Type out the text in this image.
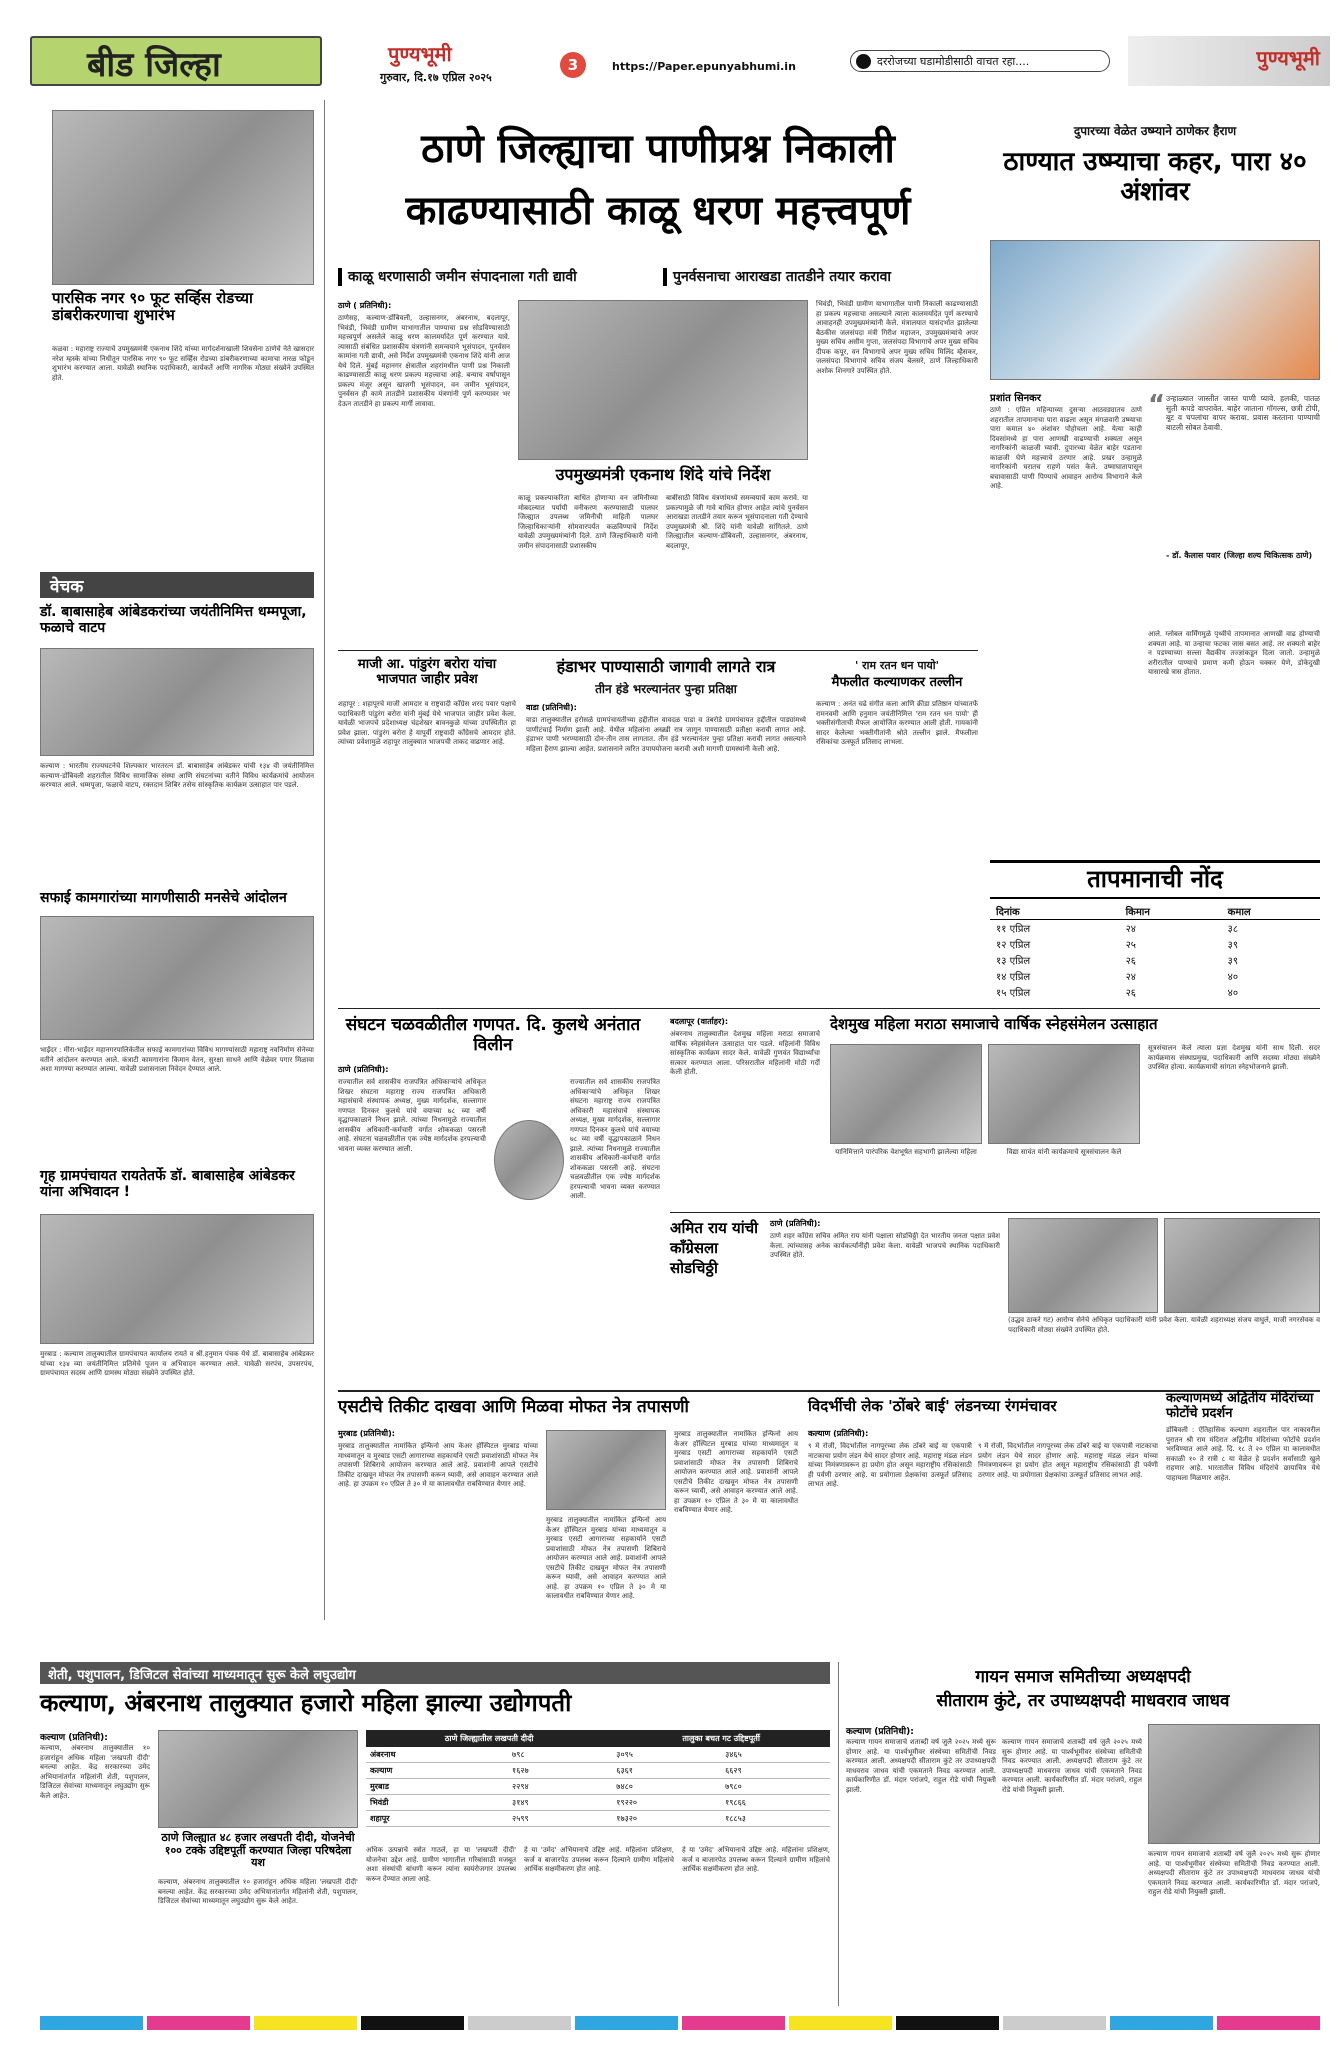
बीड जिल्हा	पुण्यभूमी
गुरुवार, दि.१७ एप्रिल २०२५
3	https://Paper.epunyabhumi.in	दररोजच्या घडामोडीसाठी वाचत रहा....	पुण्यभूमी
पारसिक नगर ९० फूट सर्व्हिस रोडच्या डांबरीकरणाचा शुभारंभ
कळवा : महाराष्ट्र राज्याचे उपमुख्यमंत्री एकनाथ शिंदे यांच्या मार्गदर्शनाखाली शिवसेना ठाणेचे नेते खासदार नरेश म्हस्के यांच्या निधीतून पारसिक नगर ९० फूट सर्व्हिस रोडच्या डांबरीकरणाच्या कामाचा नारळ फोडून शुभारंभ करण्यात आला. यावेळी स्थानिक पदाधिकारी, कार्यकर्ते आणि नागरिक मोठ्या संख्येने उपस्थित होते.
वेचक
डॉ. बाबासाहेब आंबेडकरांच्या जयंतीनिमित्त धम्मपूजा, फळाचे वाटप
कल्याण : भारतीय राज्यघटनेचे शिल्पकार भारतरत्न डॉ. बाबासाहेब आंबेडकर यांची १३४ वी जयंतीनिमित्त कल्याण-डोंबिवली शहरातील विविध सामाजिक संस्था आणि संघटनांच्या वतीने विविध कार्यक्रमांचे आयोजन करण्यात आले. धम्मपूजा, फळाचे वाटप, रक्तदान शिबिर तसेच सांस्कृतिक कार्यक्रम उत्साहात पार पडले.
सफाई कामगारांच्या मागणीसाठी मनसेचे आंदोलन
भाईंदर : मीरा-भाईंदर महानगरपालिकेतील सफाई कामगारांच्या विविध मागण्यांसाठी महाराष्ट्र नवनिर्माण सेनेच्या वतीने आंदोलन करण्यात आले. कंत्राटी कामगारांना किमान वेतन, सुरक्षा साधने आणि वेळेवर पगार मिळावा अशा मागण्या करण्यात आल्या. यावेळी प्रशासनाला निवेदन देण्यात आले.
गृह ग्रामपंचायत रायतेतर्फे डॉ. बाबासाहेब आंबेडकर यांना अभिवादन !
मुरबाड : कल्याण तालुक्यातील ग्रामपंचायत कार्यालय रायते व श्री.हनुमान पंचक येथे डॉ. बाबासाहेब आंबेडकर यांच्या १३४ व्या जयंतीनिमित्त प्रतिमेचे पूजन व अभिवादन करण्यात आले. यावेळी सरपंच, उपसरपंच, ग्रामपंचायत सदस्य आणि ग्रामस्थ मोठ्या संख्येने उपस्थित होते.
ठाणे जिल्ह्याचा पाणीप्रश्न निकाली
काढण्यासाठी काळू धरण महत्त्वपूर्ण
काळू धरणासाठी जमीन संपादनाला गती द्यावी	पुनर्वसनाचा आराखडा तातडीने तयार करावा
ठाणे ( प्रतिनिधी):
ठाणेसह, कल्याण-डोंबिवली, उल्हासनगर, अंबरनाथ, बदलापूर, भिवंडी, भिवंडी ग्रामीण याभागातील पाण्याचा प्रश्न सोडविण्यासाठी महत्त्वपूर्ण असलेले काळू धरण कालमर्यादेत पूर्ण करण्यात यावे. त्यासाठी संबंधित प्रशासकीय यंत्रणांनी समन्वयाने भूसंपादन, पुनर्वसन कामांना गती द्यावी, असे निर्देश उपमुख्यमंत्री एकनाथ शिंदे यांनी आज येथे दिले. मुंबई महानगर क्षेत्रातील शहरांमधील पाणी प्रश्न निकाली काढण्यासाठी काळू धरण प्रकल्प महत्त्वाचा आहे. बन्याच वर्षापासून प्रकल्प मंजूर असून खाजगी भूसंपादन, वन जमीन भूसंपादन, पुनर्वसन ही कामे तातडीने प्रशासकीय यंत्रणांनी पूर्ण करण्यावर भर देऊन तातडीने हा प्रकल्प मार्गी लावावा.
उपमुख्यमंत्री एकनाथ शिंदे यांचे निर्देश
काळू प्रकल्पाकरिता बाधित होणाऱ्या वन जमिनीच्या मोबदल्यात पर्यायी वनीकरण करण्यासाठी पालघर जिल्ह्यात उपलब्ध जमिनीची माहिती पालघर जिल्हाधिकाऱ्यांनी सोमवारपर्यंत कळविण्याचे निर्देश यावेळी उपमुख्यमंत्र्यांनी दिले. ठाणे जिल्हाधिकारी यांनी जमीन संपादनासाठी प्रशासकीय
बाबींसाठी विविध यंत्रणांमध्ये समन्वयाचे काम करावे. या प्रकल्पामुळे जी गावे बाधित होणार आहेत त्यांचे पुनर्वसन आराखडा तातडीने तयार करून भूसंपादनाला गती देण्याचे उपमुख्यमंत्री श्री. शिंदे यांनी यावेळी सांगितले. ठाणे जिल्ह्यातील कल्याण-डोंबिवली, उल्हासनगर, अंबरनाथ, बदलापूर,
भिवंडी, भिवंडी ग्रामीण याभागातील पाणी निकाली काढण्यासाठी हा प्रकल्प महत्त्वाचा असल्याने त्याला कालमर्यादेत पूर्ण करण्याचे आवाहनही उपमुख्यमंत्र्यांनी केले. मंत्रालयात यासंदर्भात झालेल्या बैठकीस जलसंपदा मंत्री गिरीश महाजन, उपमुख्यमंत्र्यांचे अपर मुख्य सचिव असीम गुप्ता, जलसंपदा विभागाचे अपर मुख्य सचिव दीपक कपूर, वन विभागाचे अपर मुख्य सचिव मिलिंद म्हैसकर, जलसंपदा विभागाचे सचिव संजय बेलसरे, ठाणे जिल्हाधिकारी अशोक शिनगारे उपस्थित होते.
दुपारच्या वेळेत उष्म्याने ठाणेकर हैराण
ठाण्यात उष्म्याचा कहर, पारा ४० अंशांवर
प्रशांत सिनकर
ठाणे : एप्रिल महिन्याच्या दुसऱ्या आठवड्यातच ठाणे शहरातील तापमानाचा पारा वाढला असून मंगळवारी उष्म्याचा पारा कमाल ४० अंशांवर पोहोचला आहे. येत्या काही दिवसांमध्ये हा पारा आणखी वाढण्याची शक्यता असून नागरिकांनी काळजी घ्यावी. दुपारच्या वेळेत बाहेर पडताना काळजी घेणे महत्त्वाचे ठरणार आहे. प्रखर उन्हामुळे नागरिकांनी घरातच राहणे पसंत केले. उष्माघातापासून बचावासाठी पाणी पिण्याचे आवाहन आरोग्य विभागाने केले आहे.
“ उन्हाळ्यात जास्तीत जास्त पाणी प्यावे. हलकी, पातळ सुती कपडे वापरावेत. बाहेर जाताना गॉगल्स, छत्री टोपी, बूट व चपलांचा वापर करावा. प्रवास करताना पाण्याची बाटली सोबत ठेवावी.
- डॉ. कैलास पवार (जिल्हा शल्य चिकित्सक ठाणे)
आले. ग्लोबल वार्मिंगमुळे पृथ्वीचे तापमानात आणखी वाढ होण्याची शक्यता आहे. या उन्हाचा फटका जास बसत आहे. तर शक्यतो बाहेर न पडण्याच्या सल्ला वैद्यकीय तज्ज्ञांकडून दिला जातो. उन्हामुळे शरीरातील पाण्याचे प्रमाण कमी होऊन चक्कर येणे, डोकेदुखी यासारखे त्रास होतात.
तापमानाची नोंद
दिनांक	किमान	कमाल
११ एप्रिल	२४	३८
१२ एप्रिल	२५	३९
१३ एप्रिल	२६	३९
१४ एप्रिल	२४	४०
१५ एप्रिल	२६	४०
माजी आ. पांडुरंग बरोरा यांचा भाजपात जाहीर प्रवेश
शहापूर : शहापूरचे माजी आमदार व राष्ट्रवादी काँग्रेस शरद पवार पक्षाचे पदाधिकारी पांडुरंग बरोरा यांनी मुंबई येथे भाजपात जाहीर प्रवेश केला. यावेळी भाजपचे प्रदेशाध्यक्ष चंद्रशेखर बावनकुळे यांच्या उपस्थितीत हा प्रवेश झाला. पांडुरंग बरोरा हे यापूर्वी राष्ट्रवादी काँग्रेसचे आमदार होते. त्यांच्या प्रवेशामुळे शहापूर तालुक्यात भाजपची ताकद वाढणार आहे.
हंडाभर पाण्यासाठी जागावी लागते रात्र
तीन हंडे भरल्यानंतर पुन्हा प्रतिक्षा
वाडा (प्रतिनिधी):
वाडा तालुक्यातील हरोसळे ग्रामपंचायतीच्या हद्दीतील वावदळ पाडा व उंबरोडे ग्रामपंचायत हद्दीतील पाड्यांमध्ये पाणीटंचाई निर्माण झाली आहे. येथील महिलांना अख्खी रात्र जागून पाण्यासाठी प्रतीक्षा करावी लागत आहे. हंडाभर पाणी भरण्यासाठी दोन-तीन तास लागतात. तीन हंडे भरल्यानंतर पुन्हा प्रतिक्षा करावी लागत असल्याने महिला हैराण झाल्या आहेत. प्रशासनाने त्वरित उपाययोजना करावी अशी मागणी ग्रामस्थांनी केली आहे.
' राम रतन धन पायो'
मैफलीत कल्याणकर तल्लीन
कल्याण : अनंत चढे संगीत कला आणि क्रीडा प्रतिष्ठान यांच्यातर्फे रामनवमी आणि हनुमान जयंतीनिमित्त 'राम रतन धन पायो' ही भक्तीसंगीताची मैफल आयोजित करण्यात आली होती. गायकांनी सादर केलेल्या भक्तीगीतांनी श्रोते तल्लीन झाले. मैफलीला रसिकांचा उत्स्फूर्त प्रतिसाद लाभला.
संघटन चळवळीतील गणपत. दि. कुलथे अनंतात विलीन
ठाणे (प्रतिनिधी):
राज्यातील सर्व शासकीय राजपत्रित अधिकाऱ्यांचे अधिकृत शिखर संघटना महाराष्ट्र राज्य राजपत्रित अधिकारी महासंघाचे संस्थापक अध्यक्ष, मुख्य मार्गदर्शक, सल्लागार गणपत दिनकर कुलथे यांचे वयाच्या ७८ व्या वर्षी वृद्धापकाळाने निधन झाले. त्यांच्या निधनामुळे राज्यातील शासकीय अधिकारी-कर्मचारी वर्गात शोककळा पसरली आहे. संघटना चळवळीतील एक ज्येष्ठ मार्गदर्शक हरपल्याची भावना व्यक्त करण्यात आली.
राज्यातील सर्व शासकीय राजपत्रित अधिकाऱ्यांचे अधिकृत शिखर संघटना महाराष्ट्र राज्य राजपत्रित अधिकारी महासंघाचे संस्थापक अध्यक्ष, मुख्य मार्गदर्शक, सल्लागार गणपत दिनकर कुलथे यांचे वयाच्या ७८ व्या वर्षी वृद्धापकाळाने निधन झाले. त्यांच्या निधनामुळे राज्यातील शासकीय अधिकारी-कर्मचारी वर्गात शोककळा पसरली आहे. संघटना चळवळीतील एक ज्येष्ठ मार्गदर्शक हरपल्याची भावना व्यक्त करण्यात आली.
बदलापूर (वार्ताहर):
अंबरनाथ तालुक्यातील देशमुख महिला मराठा समाजाचे वार्षिक स्नेहसंमेलन उत्साहात पार पडले. महिलांनी विविध सांस्कृतिक कार्यक्रम सादर केले. यावेळी गुणवंत विद्यार्थ्यांचा सत्कार करण्यात आला. परिसरातील महिलांनी मोठी गर्दी केली होती.
देशमुख महिला मराठा समाजाचे वार्षिक स्नेहसंमेलन उत्साहात
यानिमित्ताने पारंपरिक वेशभूषेत सहभागी झालेल्या महिला	विद्या सावंत यांनी कार्यक्रमाचे सूत्रसंचालन केले
सूत्रसंचालन केले त्याला प्रज्ञा देशमुख यांनी साथ दिली. सदर कार्यक्रमास संस्थाप्रमुख, पदाधिकारी आणि सदस्या मोठ्या संख्येने उपस्थित होत्या. कार्यक्रमाची सांगता स्नेहभोजनाने झाली.
अमित राय यांची काँग्रेसला सोडचिठ्ठी
ठाणे (प्रतिनिधी):
ठाणे शहर काँग्रेस सचिव अमित राय यांनी पक्षाला सोडचिठ्ठी देत भारतीय जनता पक्षात प्रवेश केला. त्यांच्यासह अनेक कार्यकर्त्यांनीही प्रवेश केला. यावेळी भाजपचे स्थानिक पदाधिकारी उपस्थित होते.
(उद्धव ठाकरे गट) आरोग्य सेनेचे अधिकृत पदाधिकारी यांनी प्रवेश केला. यावेळी शहराध्यक्ष संजय वाघुले, माजी नगरसेवक व पदाधिकारी मोठ्या संख्येने उपस्थित होते.
एसटीचे तिकीट दाखवा आणि मिळवा मोफत नेत्र तपासणी
मुरबाड (प्रतिनिधी):
मुरबाड तालुक्यातील नामांकित इन्फिनो आय केअर हॉस्पिटल मुरबाड यांच्या माध्यमातून व मुरबाड एसटी आगाराच्या सहकार्याने एसटी प्रवाशांसाठी मोफत नेत्र तपासणी शिबिराचे आयोजन करण्यात आले आहे. प्रवाशांनी आपले एसटीचे तिकीट दाखवून मोफत नेत्र तपासणी करून घ्यावी, असे आवाहन करण्यात आले आहे. हा उपक्रम १० एप्रिल ते ३० मे या कालावधीत राबविण्यात येणार आहे.
मुरबाड तालुक्यातील नामांकित इन्फिनो आय केअर हॉस्पिटल मुरबाड यांच्या माध्यमातून व मुरबाड एसटी आगाराच्या सहकार्याने एसटी प्रवाशांसाठी मोफत नेत्र तपासणी शिबिराचे आयोजन करण्यात आले आहे. प्रवाशांनी आपले एसटीचे तिकीट दाखवून मोफत नेत्र तपासणी करून घ्यावी, असे आवाहन करण्यात आले आहे. हा उपक्रम १० एप्रिल ते ३० मे या कालावधीत राबविण्यात येणार आहे.
मुरबाड तालुक्यातील नामांकित इन्फिनो आय केअर हॉस्पिटल मुरबाड यांच्या माध्यमातून व मुरबाड एसटी आगाराच्या सहकार्याने एसटी प्रवाशांसाठी मोफत नेत्र तपासणी शिबिराचे आयोजन करण्यात आले आहे. प्रवाशांनी आपले एसटीचे तिकीट दाखवून मोफत नेत्र तपासणी करून घ्यावी, असे आवाहन करण्यात आले आहे. हा उपक्रम १० एप्रिल ते ३० मे या कालावधीत राबविण्यात येणार आहे.
विदर्भीची लेक 'ठोंबरे बाई' लंडनच्या रंगमंचावर
कल्याण (प्रतिनिधी):
९ मे रोजी, विदर्भातील नागपूरच्या लेक ठोंबरे बाई या एकपात्री नाटकाचा प्रयोग लंडन येथे सादर होणार आहे. महाराष्ट्र मंडळ लंडन यांच्या निमंत्रणावरून हा प्रयोग होत असून महाराष्ट्रीय रसिकांसाठी ही पर्वणी ठरणार आहे. या प्रयोगाला प्रेक्षकांचा उत्स्फूर्त प्रतिसाद लाभत आहे.
९ मे रोजी, विदर्भातील नागपूरच्या लेक ठोंबरे बाई या एकपात्री नाटकाचा प्रयोग लंडन येथे सादर होणार आहे. महाराष्ट्र मंडळ लंडन यांच्या निमंत्रणावरून हा प्रयोग होत असून महाराष्ट्रीय रसिकांसाठी ही पर्वणी ठरणार आहे. या प्रयोगाला प्रेक्षकांचा उत्स्फूर्त प्रतिसाद लाभत आहे.
कल्याणमध्ये अद्वितीय मंदिरांच्या फोटोंचे प्रदर्शन
डोंबिवली : ऐतिहासिक कल्याण शहरातील पार नाकावरील पुरातन श्री राम मंदिरात अद्वितीय मंदिरांच्या फोटोंचे प्रदर्शन भरविण्यात आले आहे. दि. १८ ते २० एप्रिल या कालावधीत सकाळी १० ते रात्री ८ या वेळेत हे प्रदर्शन सर्वांसाठी खुले राहणार आहे. भारतातील विविध मंदिरांचे छायाचित्र येथे पाहायला मिळणार आहेत.
शेती, पशुपालन, डिजिटल सेवांच्या माध्यमातून सुरू केले लघुउद्योग
कल्याण, अंबरनाथ तालुक्यात हजारो महिला झाल्या उद्योगपती
कल्याण (प्रतिनिधी):
कल्याण, अंबरनाथ तालुक्यातील १० हजारांहून अधिक महिला 'लखपती दीदी' बनल्या आहेत. केंद्र सरकारच्या उमेद अभियानांतर्गत महिलांनी शेती, पशुपालन, डिजिटल सेवांच्या माध्यमातून लघुउद्योग सुरू केले आहेत.
ठाणे जिल्ह्यात ४८ हजार लखपती दीदी, योजनेची १०० टक्के उद्दिष्टपूर्ती करण्यात जिल्हा परिषदेला यश
कल्याण, अंबरनाथ तालुक्यातील १० हजारांहून अधिक महिला 'लखपती दीदी' बनल्या आहेत. केंद्र सरकारच्या उमेद अभियानांतर्गत महिलांनी शेती, पशुपालन, डिजिटल सेवांच्या माध्यमातून लघुउद्योग सुरू केले आहेत.
ठाणे जिल्ह्यातील लखपती दीदी		तालुका बचत गट उद्दिष्टपूर्ती	
अंबरनाथ	७९८	३०९५	३४६५
कल्याण	१६२७	६३६१	६६२९
मुरबाड	२२९४	७४८०	७९८०
भिवंडी	३१४९	१९२२०	१९८६६
शहापूर	२५९९	१७३२०	१८८५३
अधिक उत्पन्नाचे स्त्रोत गाठले, हा या 'लखपती दीदी' योजनेचा उद्देश आहे. ग्रामीण भागातील गरिबांसाठी मजबूत अशा संस्थांची बांधणी करून त्यांना स्वयंरोजगार उपलब्ध करून देण्यात आला आहे.
हे या 'उमेद' अभियानाचे उद्दिष्ट आहे. महिलांना प्रशिक्षण, कर्ज व बाजारपेठ उपलब्ध करून दिल्याने ग्रामीण महिलांचे आर्थिक सक्षमीकरण होत आहे.
हे या 'उमेद' अभियानाचे उद्दिष्ट आहे. महिलांना प्रशिक्षण, कर्ज व बाजारपेठ उपलब्ध करून दिल्याने ग्रामीण महिलांचे आर्थिक सक्षमीकरण होत आहे.
गायन समाज समितीच्या अध्यक्षपदी
सीताराम कुंटे, तर उपाध्यक्षपदी माधवराव जाधव
कल्याण (प्रतिनिधी):
कल्याण गायन समाजाचे शताब्दी वर्ष जुलै २०२५ मध्ये सुरू होणार आहे. या पार्श्वभूमीवर संस्थेच्या समितीची निवड करण्यात आली. अध्यक्षपदी सीताराम कुंटे तर उपाध्यक्षपदी माधवराव जाधव यांची एकमताने निवड करण्यात आली. कार्यकारिणीत डॉ. मंदार परांजपे, राहुल रोडे यांची नियुक्ती झाली.
कल्याण गायन समाजाचे शताब्दी वर्ष जुलै २०२५ मध्ये सुरू होणार आहे. या पार्श्वभूमीवर संस्थेच्या समितीची निवड करण्यात आली. अध्यक्षपदी सीताराम कुंटे तर उपाध्यक्षपदी माधवराव जाधव यांची एकमताने निवड करण्यात आली. कार्यकारिणीत डॉ. मंदार परांजपे, राहुल रोडे यांची नियुक्ती झाली.
कल्याण गायन समाजाचे शताब्दी वर्ष जुलै २०२५ मध्ये सुरू होणार आहे. या पार्श्वभूमीवर संस्थेच्या समितीची निवड करण्यात आली. अध्यक्षपदी सीताराम कुंटे तर उपाध्यक्षपदी माधवराव जाधव यांची एकमताने निवड करण्यात आली. कार्यकारिणीत डॉ. मंदार परांजपे, राहुल रोडे यांची नियुक्ती झाली.
